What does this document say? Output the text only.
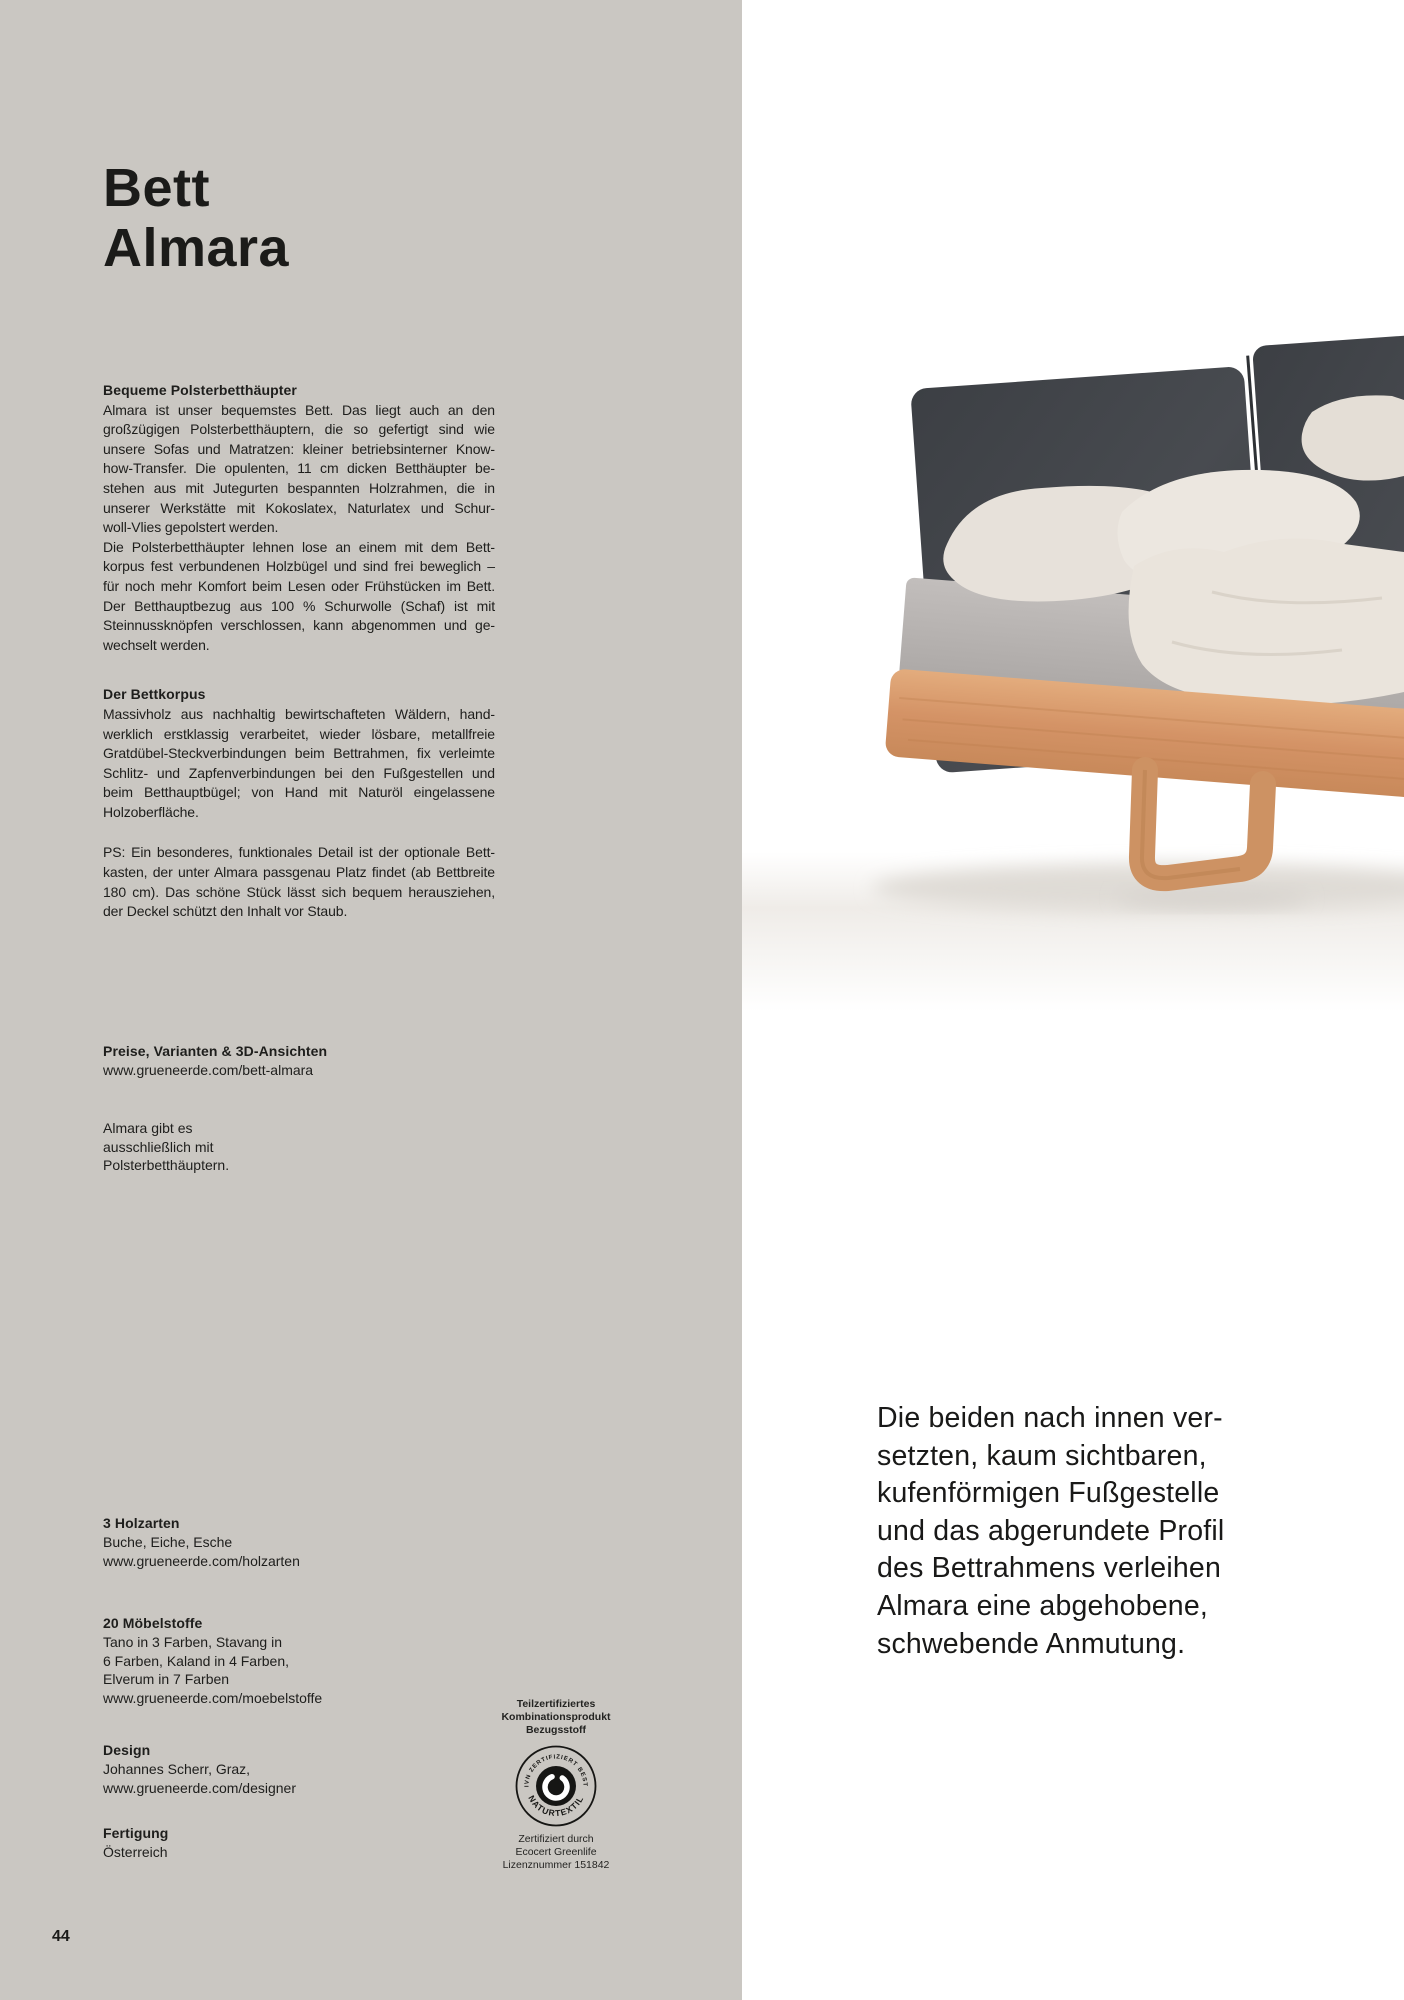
Bett
Almara
Bequeme Polsterbetthäupter
Almara ist unser bequemstes Bett. Das liegt auch an den
großzügigen Polsterbetthäuptern, die so gefertigt sind wie
unsere Sofas und Matratzen: kleiner betriebsinterner Know-
how-Transfer. Die opulenten, 11 cm dicken Betthäupter be-
stehen aus mit Jutegurten bespannten Holzrahmen, die in
unserer Werkstätte mit Kokoslatex, Naturlatex und Schur-
woll-Vlies gepolstert werden.
Die Polsterbetthäupter lehnen lose an einem mit dem Bett-
korpus fest verbundenen Holzbügel und sind frei beweglich –
für noch mehr Komfort beim Lesen oder Frühstücken im Bett.
Der Betthauptbezug aus 100 % Schurwolle (Schaf) ist mit
Steinnussknöpfen verschlossen, kann abgenommen und ge-
wechselt werden.
Der Bettkorpus
Massivholz aus nachhaltig bewirtschafteten Wäldern, hand-
werklich erstklassig verarbeitet, wieder lösbare, metallfreie
Gratdübel-Steckverbindungen beim Bettrahmen, fix verleimte
Schlitz- und Zapfenverbindungen bei den Fußgestellen und
beim Betthauptbügel; von Hand mit Naturöl eingelassene
Holzoberfläche.
PS: Ein besonderes, funktionales Detail ist der optionale Bett-
kasten, der unter Almara passgenau Platz findet (ab Bettbreite
180 cm). Das schöne Stück lässt sich bequem herausziehen,
der Deckel schützt den Inhalt vor Staub.
Preise, Varianten & 3D-Ansichten
www.grueneerde.com/bett-almara
Almara gibt es
ausschließlich mit
Polsterbetthäuptern.
3 Holzarten
Buche, Eiche, Esche
www.grueneerde.com/holzarten
20 Möbelstoffe
Tano in 3 Farben, Stavang in
6 Farben, Kaland in 4 Farben,
Elverum in 7 Farben
www.grueneerde.com/moebelstoffe
Design
Johannes Scherr, Graz,
www.grueneerde.com/designer
Fertigung
Österreich
Teilzertifiziertes
Kombinationsprodukt
Bezugsstoff
IVN ZERTIFIZIERT BEST
NATURTEXTIL
Zertifiziert durch
Ecocert Greenlife
Lizenznummer 151842
Die beiden nach innen ver-
setzten, kaum sichtbaren,
kufenförmigen Fußgestelle
und das abgerundete Profil
des Bettrahmens verleihen
Almara eine abgehobene,
schwebende Anmutung.
44
